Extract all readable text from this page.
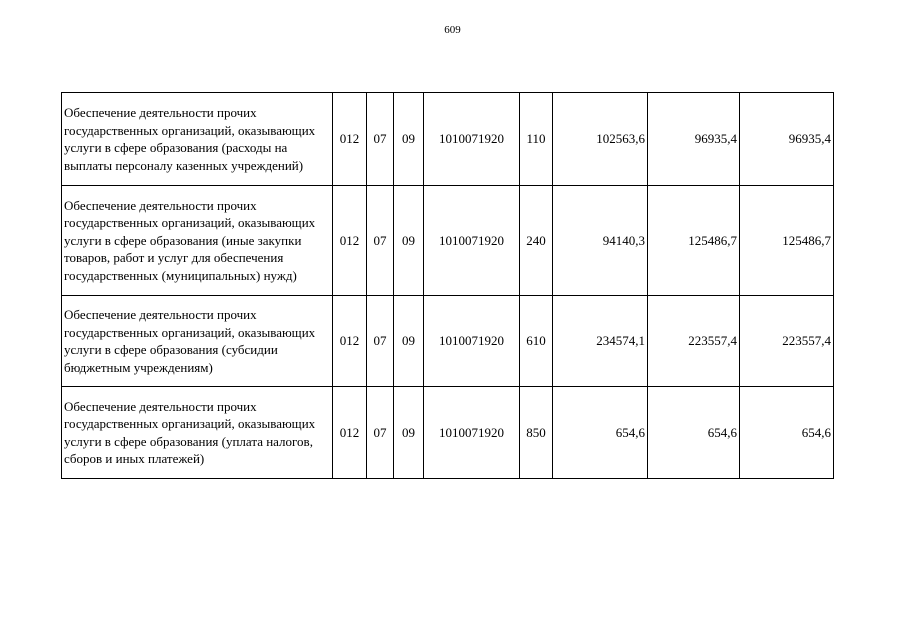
609
Обеспечение деятельности прочих государственных организаций, оказывающих услуги в сфере образования (расходы на выплаты персоналу казенных учреждений)	012	07	09	1010071920	110	102563,6	96935,4	96935,4
Обеспечение деятельности прочих государственных организаций, оказывающих услуги в сфере образования (иные закупки товаров, работ и услуг для обеспечения государственных (муниципальных) нужд)	012	07	09	1010071920	240	94140,3	125486,7	125486,7
Обеспечение деятельности прочих государственных организаций, оказывающих услуги в сфере образования (субсидии бюджетным учреждениям)	012	07	09	1010071920	610	234574,1	223557,4	223557,4
Обеспечение деятельности прочих государственных организаций, оказывающих услуги в сфере образования (уплата налогов, сборов и иных платежей)	012	07	09	1010071920	850	654,6	654,6	654,6
